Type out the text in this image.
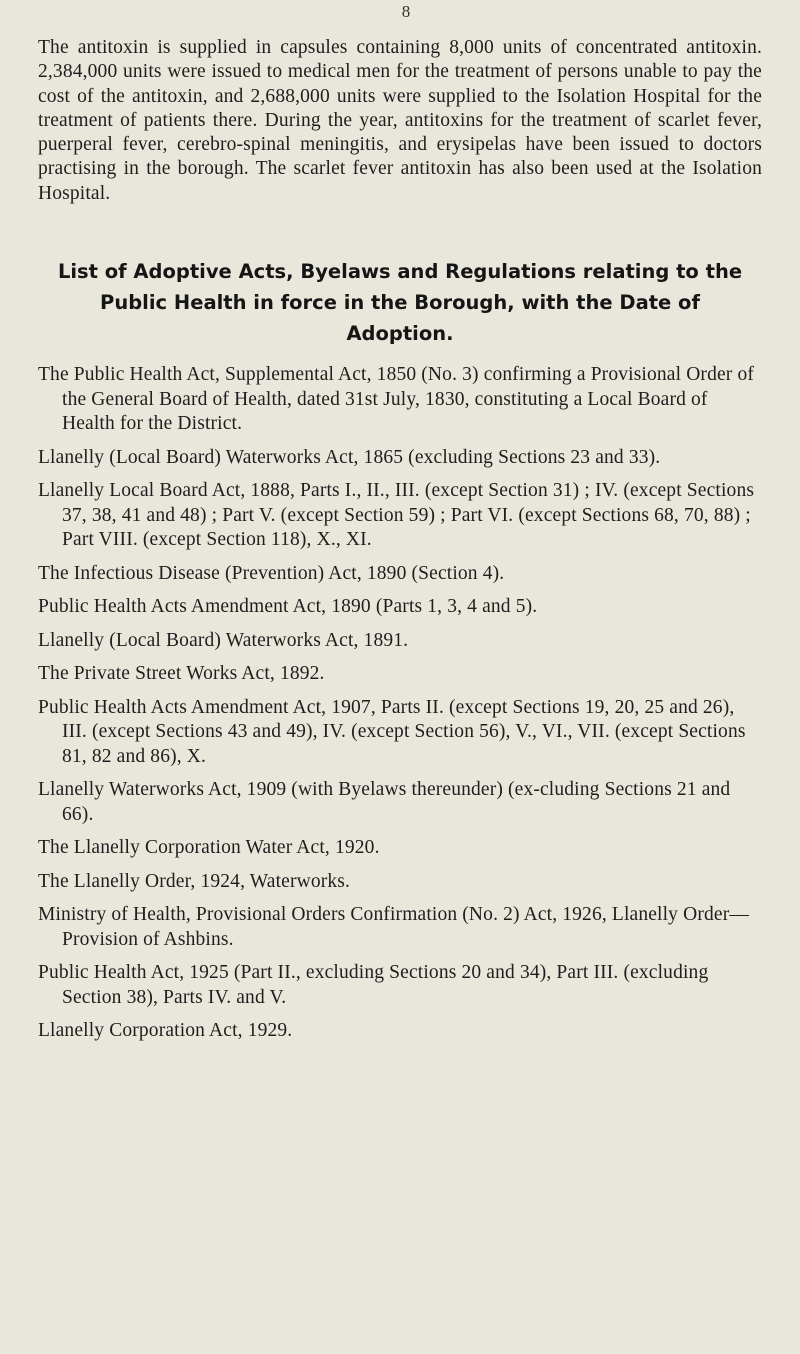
8

The antitoxin is supplied in capsules containing 8,000 units of concentrated antitoxin. 2,384,000 units were issued to medical men for the treatment of persons unable to pay the cost of the antitoxin, and 2,688,000 units were supplied to the Isolation Hospital for the treatment of patients there. During the year, antitoxins for the treatment of scarlet fever, puerperal fever, cerebro-spinal meningitis, and erysipelas have been issued to doctors practising in the borough. The scarlet fever antitoxin has also been used at the Isolation Hospital.

List of Adoptive Acts, Byelaws and Regulations relating to the Public Health in force in the Borough, with the Date of Adoption.
The Public Health Act, Supplemental Act, 1850 (No. 3) confirming a Provisional Order of the General Board of Health, dated 31st July, 1830, constituting a Local Board of Health for the District.
Llanelly (Local Board) Waterworks Act, 1865 (excluding Sections 23 and 33).
Llanelly Local Board Act, 1888, Parts I., II., III. (except Section 31) ; IV. (except Sections 37, 38, 41 and 48) ; Part V. (except Section 59) ; Part VI. (except Sections 68, 70, 88) ; Part VIII. (except Section 118), X., XI.
The Infectious Disease (Prevention) Act, 1890 (Section 4).
Public Health Acts Amendment Act, 1890 (Parts 1, 3, 4 and 5).
Llanelly (Local Board) Waterworks Act, 1891.
The Private Street Works Act, 1892.
Public Health Acts Amendment Act, 1907, Parts II. (except Sections 19, 20, 25 and 26), III. (except Sections 43 and 49), IV. (except Section 56), V., VI., VII. (except Sections 81, 82 and 86), X.
Llanelly Waterworks Act, 1909 (with Byelaws thereunder) (ex-cluding Sections 21 and 66).
The Llanelly Corporation Water Act, 1920.
The Llanelly Order, 1924, Waterworks.
Ministry of Health, Provisional Orders Confirmation (No. 2) Act, 1926, Llanelly Order—Provision of Ashbins.
Public Health Act, 1925 (Part II., excluding Sections 20 and 34), Part III. (excluding Section 38), Parts IV. and V.
Llanelly Corporation Act, 1929.
